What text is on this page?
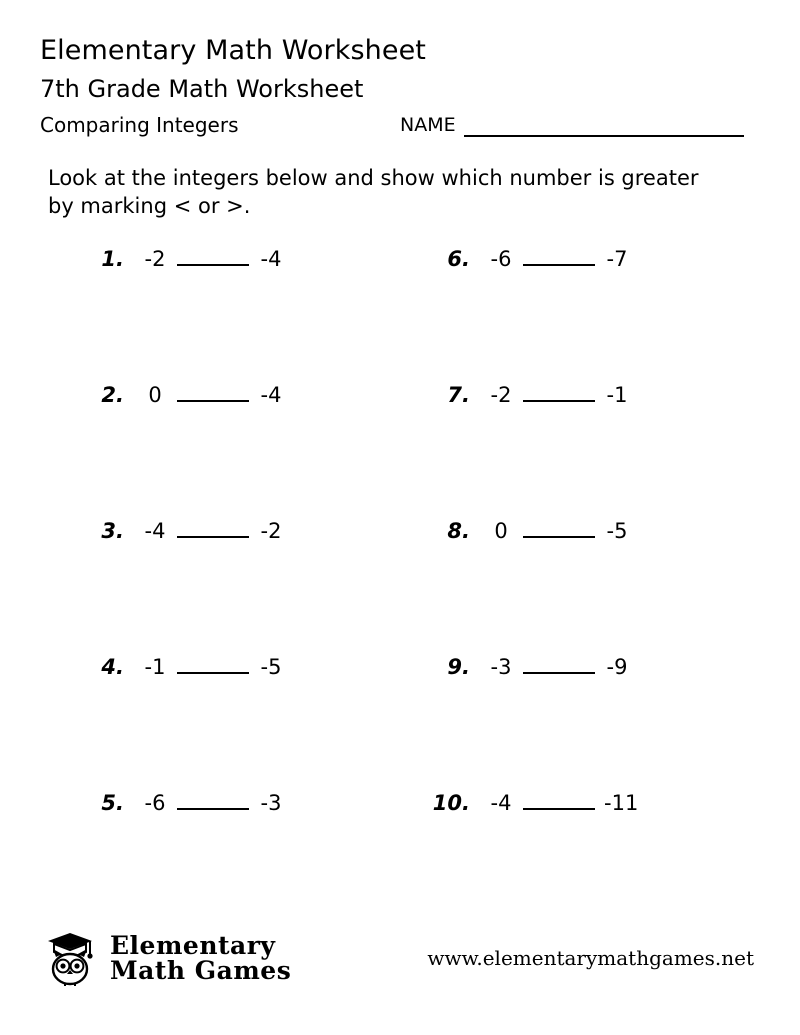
Elementary Math Worksheet
7th Grade Math Worksheet
Comparing Integers	NAME
Look at the integers below and show which number is greater by marking < or >.
1. -2	-4
2.	0	-4
3. -4	-2
4. -1	-5
5. -6	-3
6. -6	-7
7. -2	-1
8.	0	-5
9. -3	-9
10. -4	-11
Elementary
Math Games	www.elementarymathgames.net
